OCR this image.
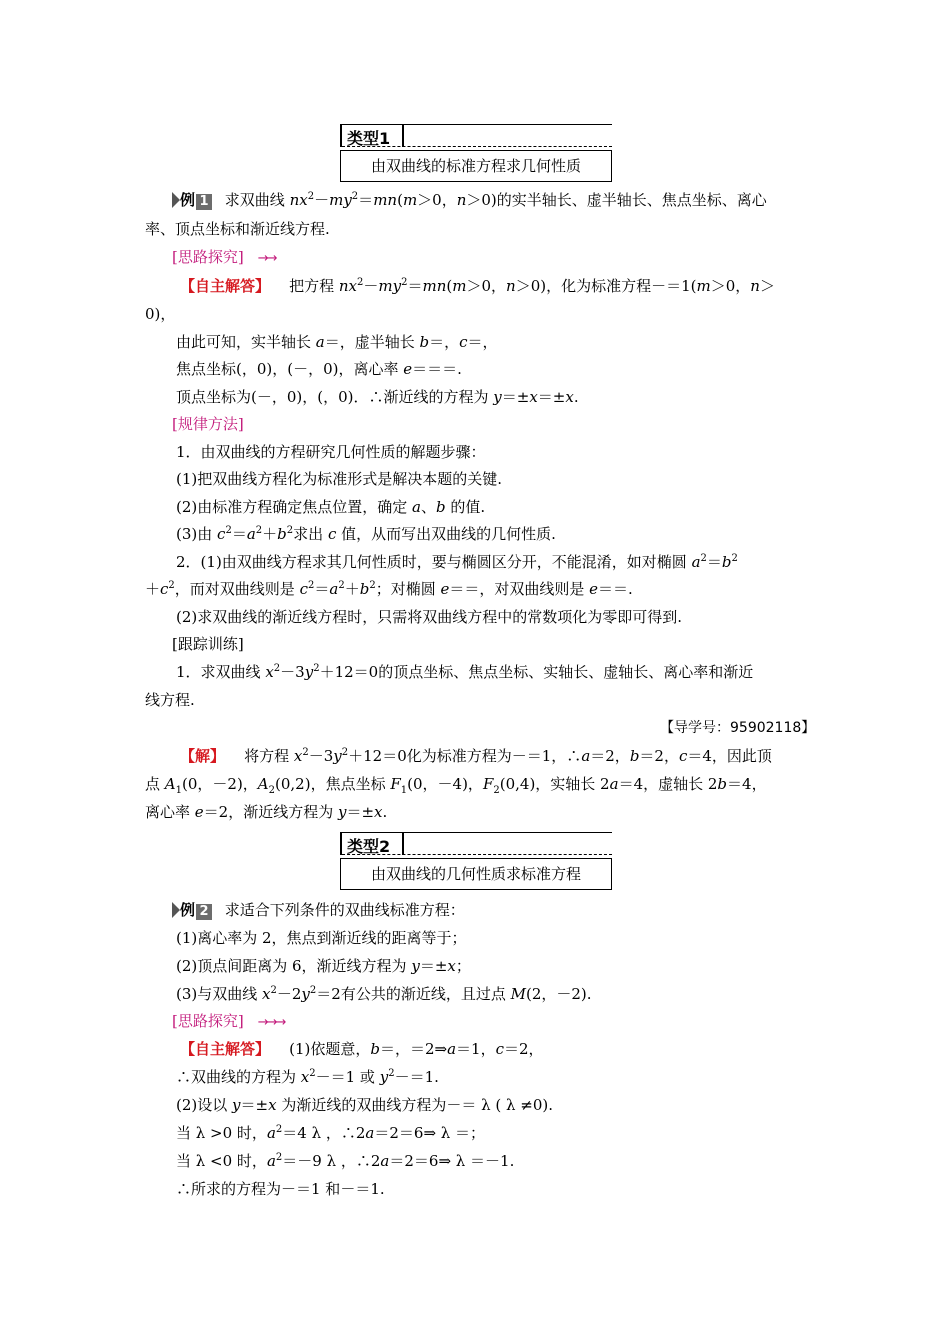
类型1
由双曲线的标准方程求几何性质
例 1 求双曲线 $nx^2-my^2=mn(m>0$，n＞0)的实半轴长、虚半轴长、焦点坐标、离心
率、顶点坐标和渐近线方程.
[思路探究] →→
【自主解答】 把方程 $nx^2-my^2=mn(m>0$，n＞0)，化为标准方程－＝1(m＞0，n＞
0)，
由此可知，实半轴长 a＝，虚半轴长 b＝，c＝，
焦点坐标(，0)，(－，0)，离心率 e＝＝＝.
顶点坐标为(－，0)，(，0)．∴渐近线的方程为 y＝±x＝±x.
[规律方法]
1．由双曲线的方程研究几何性质的解题步骤：
(1)把双曲线方程化为标准形式是解决本题的关键.
(2)由标准方程确定焦点位置，确定 a、b 的值.
(3)由 $c^2=a^2+b^2$求出 c 值，从而写出双曲线的几何性质.
2．(1)由双曲线方程求其几何性质时，要与椭圆区分开，不能混淆，如对椭圆 $a^2=b^2$
$+c^2$，而对双曲线则是 $c^2=a^2+b^2$；对椭圆 e＝＝，对双曲线则是 e＝＝.
(2)求双曲线的渐近线方程时，只需将双曲线方程中的常数项化为零即可得到.
[跟踪训练]
1．求双曲线 $x^2-3y^2+12=0$的顶点坐标、焦点坐标、实轴长、虚轴长、离心率和渐近
线方程.
【导学号：95902118】
【解】 将方程 $x^2-3y^2+12=0$化为标准方程为－＝1，∴a＝2，b＝2，c＝4，因此顶
点 $A_1(0$，－2)，$A_2(0,2)$，焦点坐标 $F_1(0$，－4)，$F_2(0,4)$，实轴长 2a＝4，虚轴长 2b＝4，
离心率 e＝2，渐近线方程为 y＝±x.
类型2
由双曲线的几何性质求标准方程
例 2 求适合下列条件的双曲线标准方程：
(1)离心率为 2，焦点到渐近线的距离等于；
(2)顶点间距离为 6，渐近线方程为 y＝±x；
(3)与双曲线 $x^2-2y^2=2$有公共的渐近线，且过点 M(2，－2).
[思路探究] →→→
【自主解答】 (1)依题意，b＝，＝2⇒a＝1，c＝2，
∴双曲线的方程为 $x^2-=1$ 或 $y^2-=1$.
(2)设以 y＝±x 为渐近线的双曲线方程为－＝ λ ( λ ≠0).
当 λ >0 时，$a^2=4$ λ ，∴2a＝2＝6⇒ λ ＝；
当 λ <0 时，$a^2=-9$ λ ，∴2a＝2＝6⇒ λ ＝－1.
∴所求的方程为－＝1 和－＝1.
